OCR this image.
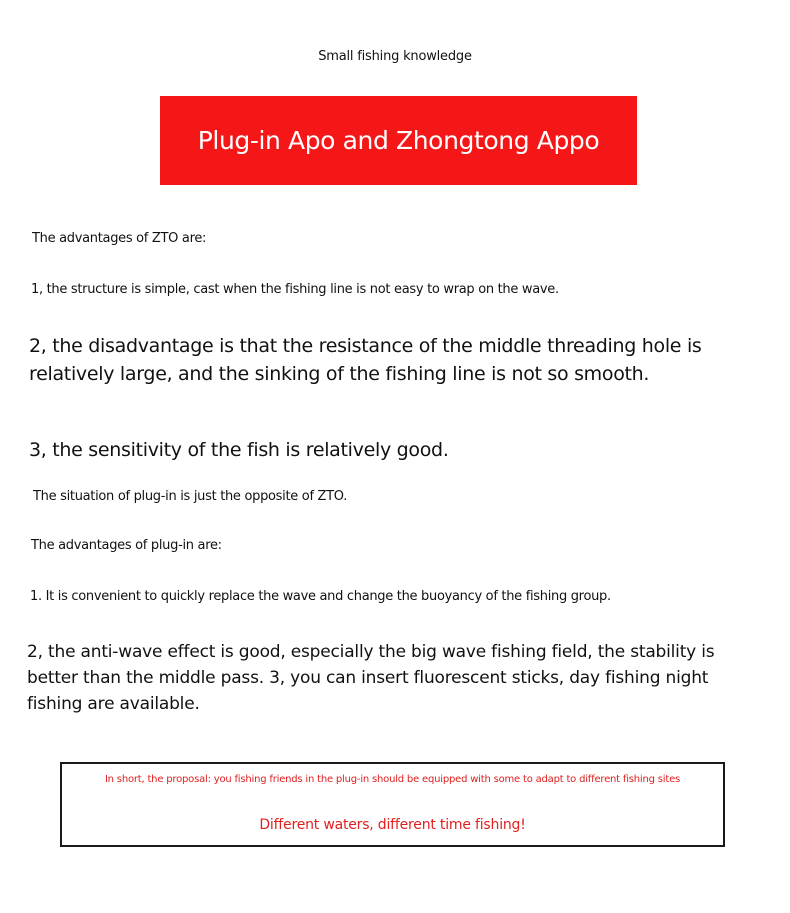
Small fishing knowledge
Plug-in Apo and Zhongtong Appo

The advantages of ZTO are:

1, the structure is simple, cast when the fishing line is not easy to wrap on the wave.

2, the disadvantage is that the resistance of the middle threading hole is
relatively large, and the sinking of the fishing line is not so smooth.

3, the sensitivity of the fish is relatively good.

The situation of plug-in is just the opposite of ZTO.

The advantages of plug-in are:

1. It is convenient to quickly replace the wave and change the buoyancy of the fishing group.

2, the anti-wave effect is good, especially the big wave fishing field, the stability is
better than the middle pass. 3, you can insert fluorescent sticks, day fishing night
fishing are available.
In short, the proposal: you fishing friends in the plug-in should be equipped with some to adapt to different fishing sites
Different waters, different time fishing!
